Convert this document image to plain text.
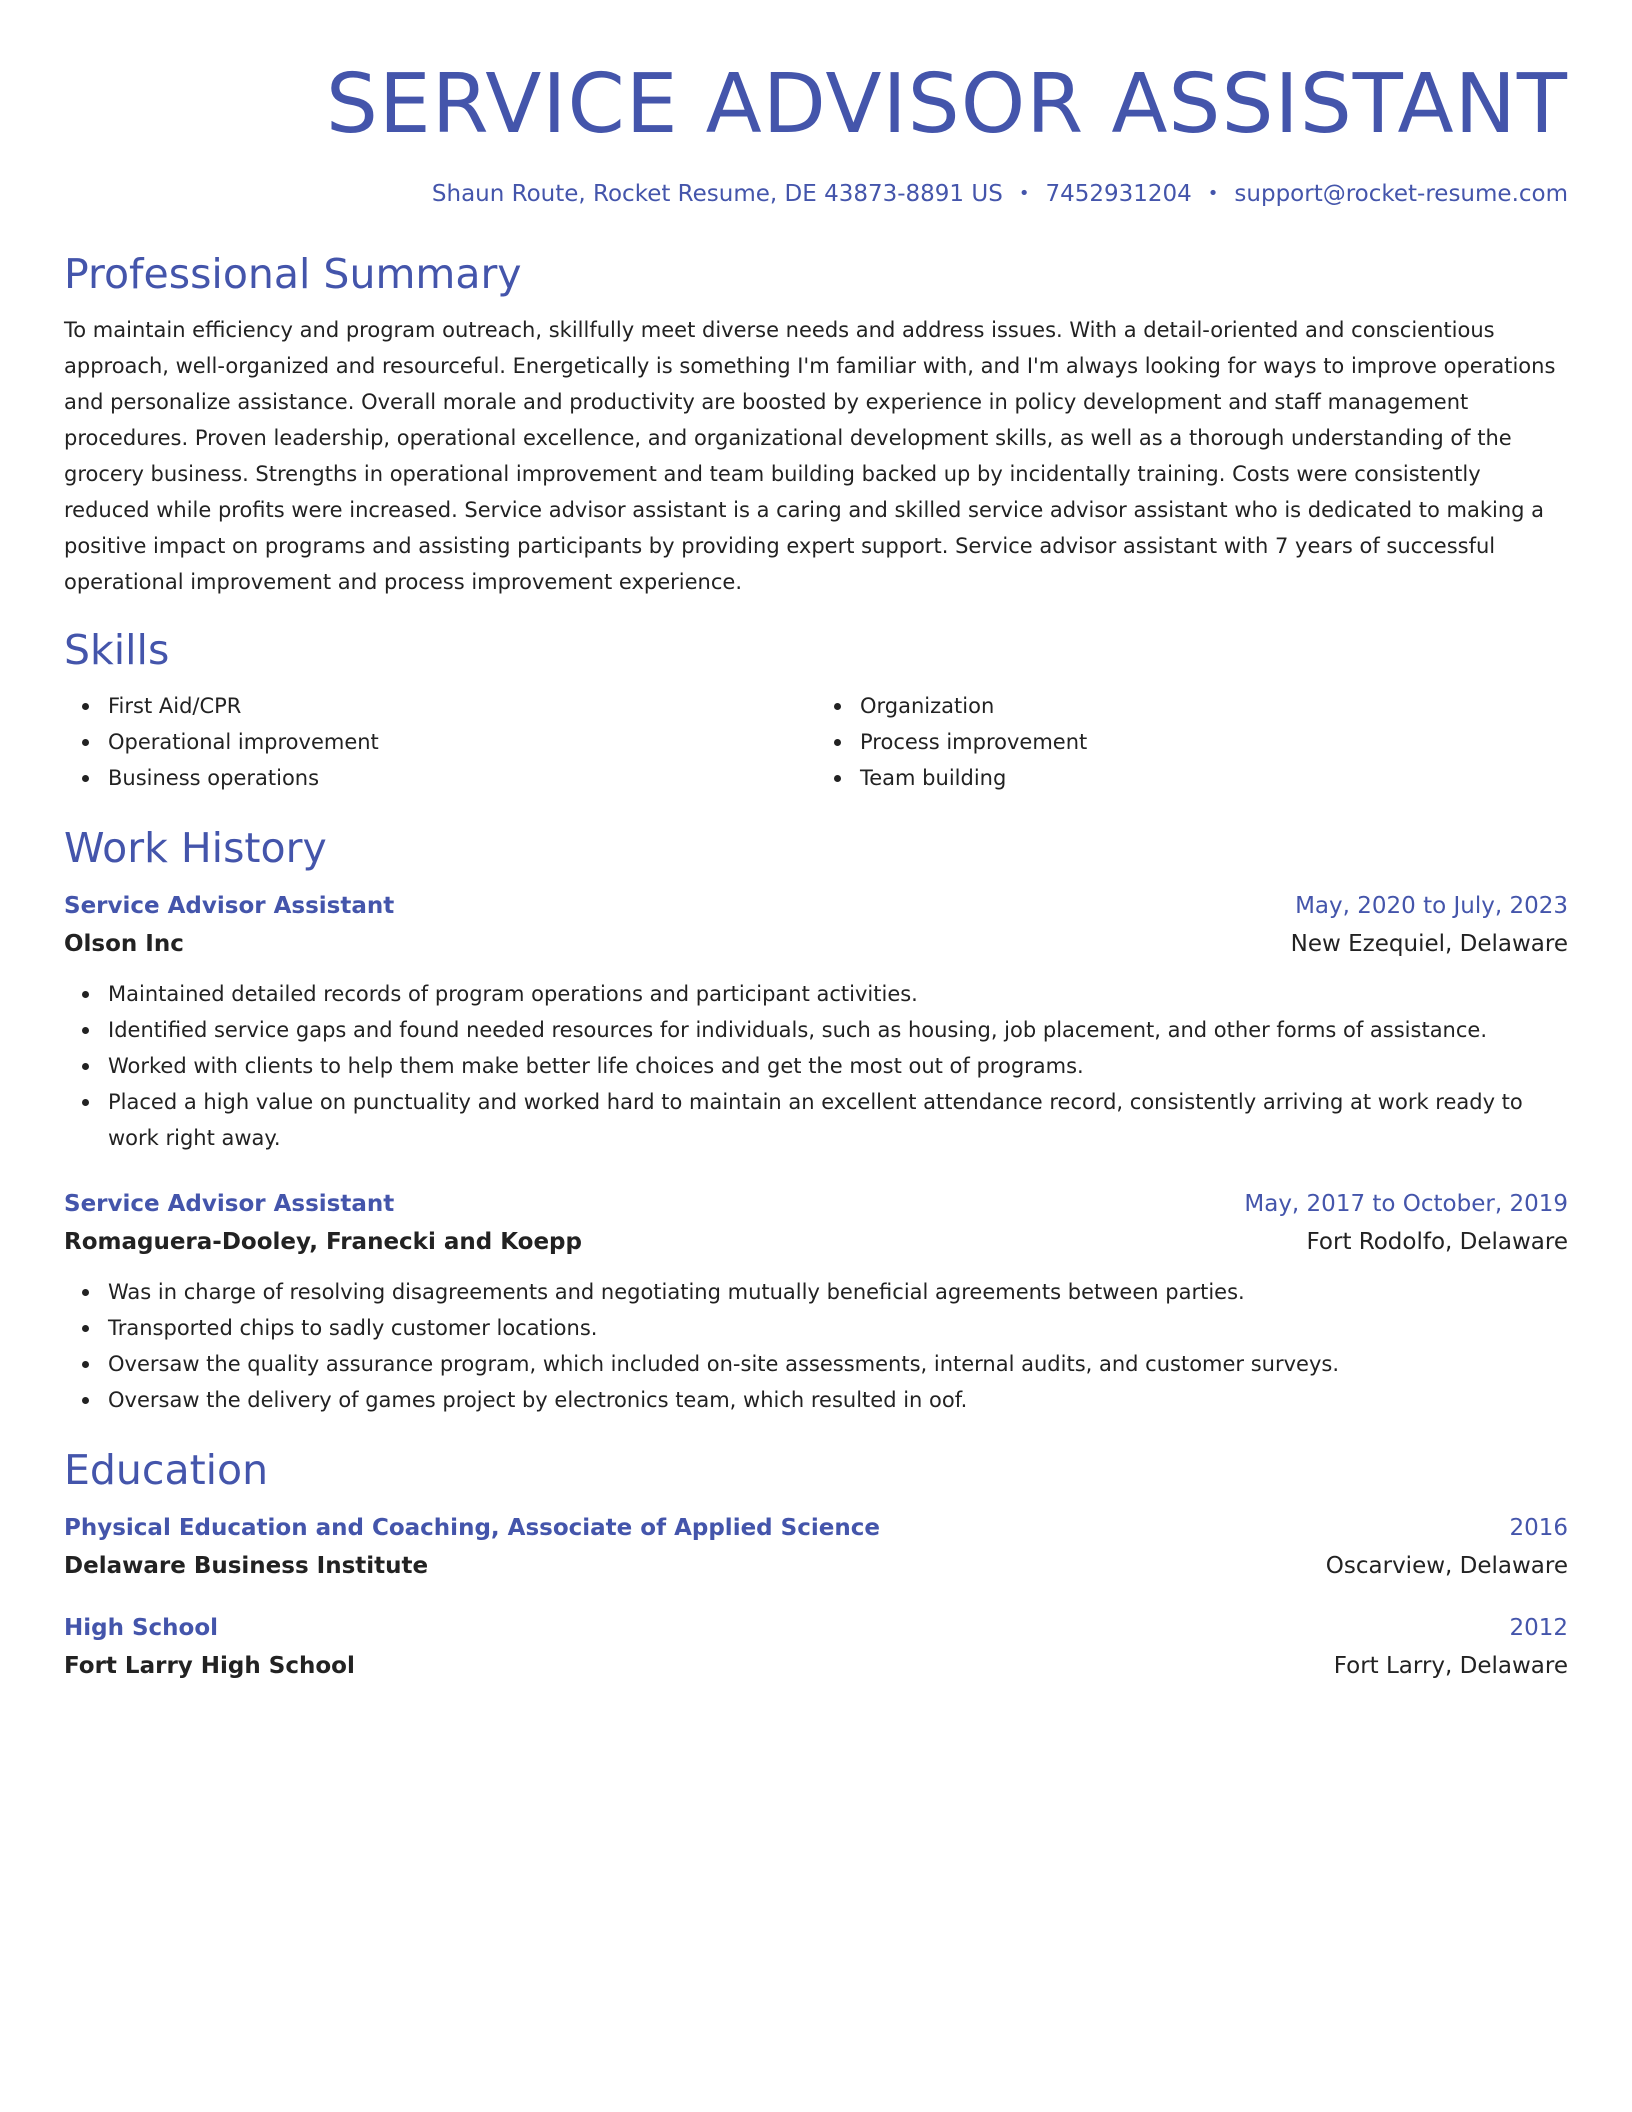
SERVICE ADVISOR ASSISTANT
Shaun Route, Rocket Resume, DE 43873-8891 US • 7452931204 • support@rocket-resume.com
Professional Summary

To maintain efficiency and program outreach, skillfully meet diverse needs and address issues. With a detail-oriented and conscientious approach, well-organized and resourceful. Energetically is something I'm familiar with, and I'm always looking for ways to improve operations and personalize assistance. Overall morale and productivity are boosted by experience in policy development and staff management procedures. Proven leadership, operational excellence, and organizational development skills, as well as a thorough understanding of the grocery business. Strengths in operational improvement and team building backed up by incidentally training. Costs were consistently reduced while profits were increased. Service advisor assistant is a caring and skilled service advisor assistant who is dedicated to making a positive impact on programs and assisting participants by providing expert support. Service advisor assistant with 7 years of successful operational improvement and process improvement experience.

Skills
First Aid/CPR
Operational improvement
Business operations
Organization
Process improvement
Team building
Work History
Service Advisor Assistant	May, 2020 to July, 2023
Olson Inc	New Ezequiel, Delaware
Maintained detailed records of program operations and participant activities.
Identified service gaps and found needed resources for individuals, such as housing, job placement, and other forms of assistance.
Worked with clients to help them make better life choices and get the most out of programs.
Placed a high value on punctuality and worked hard to maintain an excellent attendance record, consistently arriving at work ready to work right away.
Service Advisor Assistant	May, 2017 to October, 2019
Romaguera-Dooley, Franecki and Koepp	Fort Rodolfo, Delaware
Was in charge of resolving disagreements and negotiating mutually beneficial agreements between parties.
Transported chips to sadly customer locations.
Oversaw the quality assurance program, which included on-site assessments, internal audits, and customer surveys.
Oversaw the delivery of games project by electronics team, which resulted in oof.
Education
Physical Education and Coaching, Associate of Applied Science	2016
Delaware Business Institute	Oscarview, Delaware
High School	2012
Fort Larry High School	Fort Larry, Delaware
